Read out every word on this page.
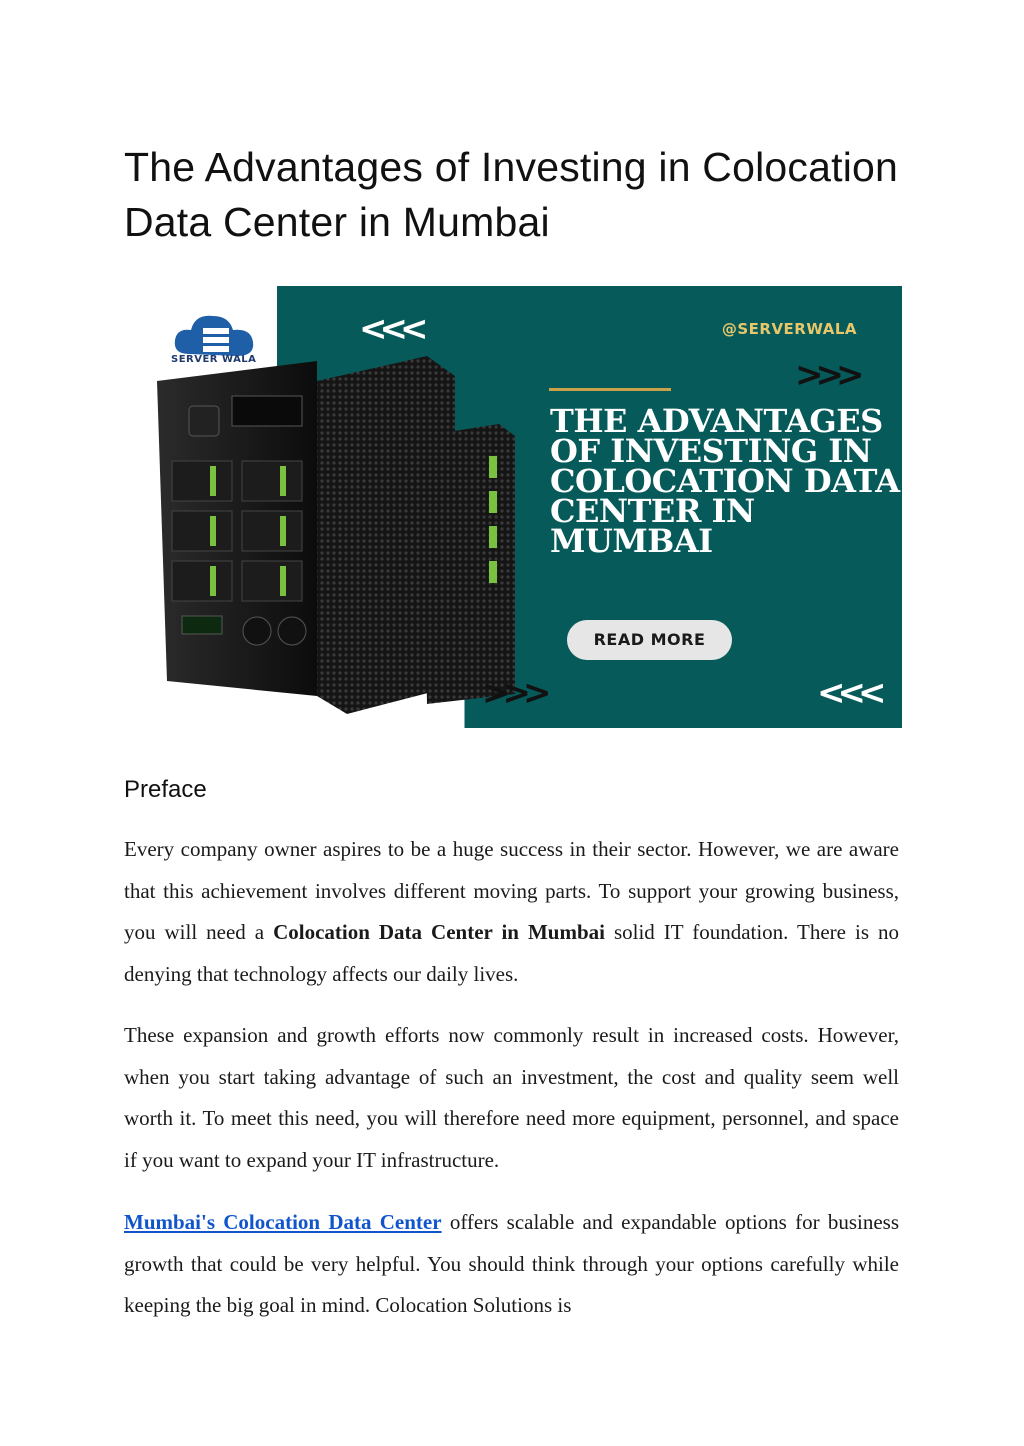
The Advantages of Investing in Colocation Data Center in Mumbai
SERVER WALA
<<<	@SERVERWALA
>>>
THE ADVANTAGES OF INVESTING IN COLOCATION DATA CENTER IN MUMBAI
READ MORE
>>>	<<<
Preface

Every company owner aspires to be a huge success in their sector. However, we are aware that this achievement involves different moving parts. To support your growing business, you will need a Colocation Data Center in Mumbai solid IT foundation. There is no denying that technology affects our daily lives.

These expansion and growth efforts now commonly result in increased costs. However, when you start taking advantage of such an investment, the cost and quality seem well worth it. To meet this need, you will therefore need more equipment, personnel, and space if you want to expand your IT infrastructure.

Mumbai's Colocation Data Center offers scalable and expandable options for business growth that could be very helpful. You should think through your options carefully while keeping the big goal in mind. Colocation Solutions is
